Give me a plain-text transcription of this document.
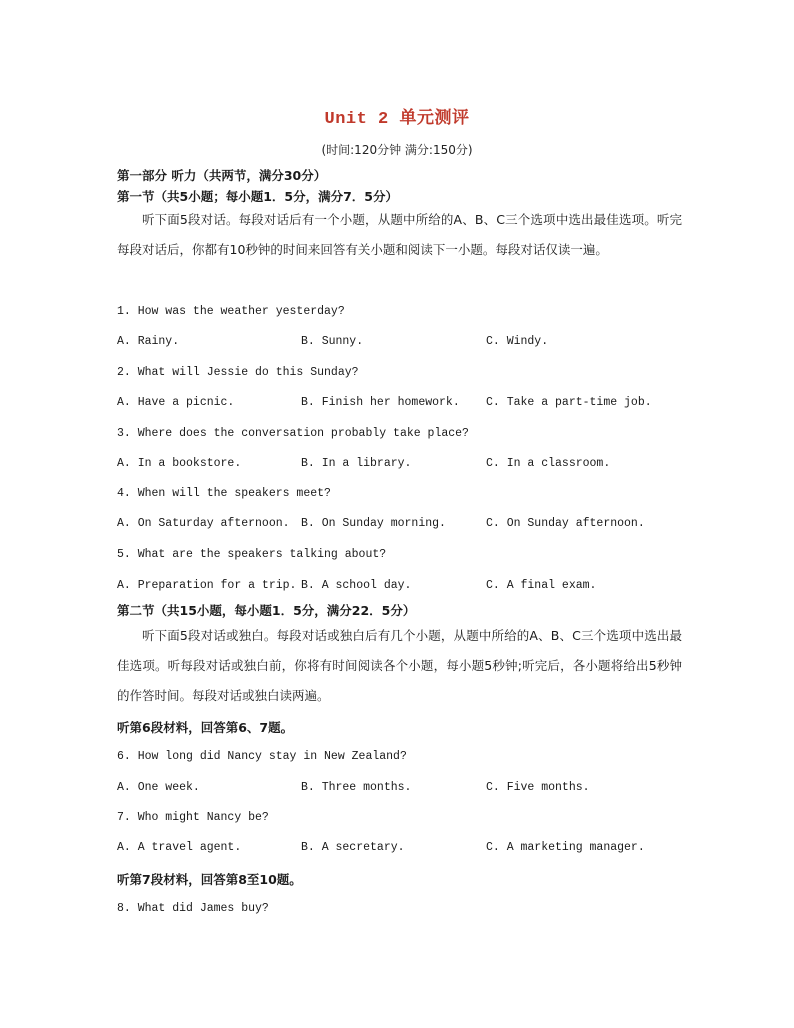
Unit 2 单元测评
(时间:120分钟 满分:150分)
第一部分 听力（共两节，满分30分）
第一节（共5小题；每小题1．5分，满分7．5分）
听下面5段对话。每段对话后有一个小题，从题中所给的A、B、C三个选项中选出最佳选项。听完每段对话后，你都有10秒钟的时间来回答有关小题和阅读下一小题。每段对话仅读一遍。
1. How was the weather yesterday?
A. Rainy.	B. Sunny.	C. Windy.
2. What will Jessie do this Sunday?
A. Have a picnic.	B. Finish her homework. C. Take a part-time job.
3. Where does the conversation probably take place?
A. In a bookstore.	B. In a library.	C. In a classroom.
4. When will the speakers meet?
A. On Saturday afternoon. B. On Sunday morning.	C. On Sunday afternoon.
5. What are the speakers talking about?
A. Preparation for a trip. B. A school day.	C. A final exam.
第二节（共15小题，每小题1．5分，满分22．5分）
听下面5段对话或独白。每段对话或独白后有几个小题，从题中所给的A、B、C三个选项中选出最佳选项。听每段对话或独白前，你将有时间阅读各个小题，每小题5秒钟;听完后，各小题将给出5秒钟的作答时间。每段对话或独白读两遍。
听第6段材料，回答第6、7题。
6. How long did Nancy stay in New Zealand?
A. One week.	B. Three months.	C. Five months.
7. Who might Nancy be?
A. A travel agent.	B. A secretary.	C. A marketing manager.
听第7段材料，回答第8至10题。
8. What did James buy?
